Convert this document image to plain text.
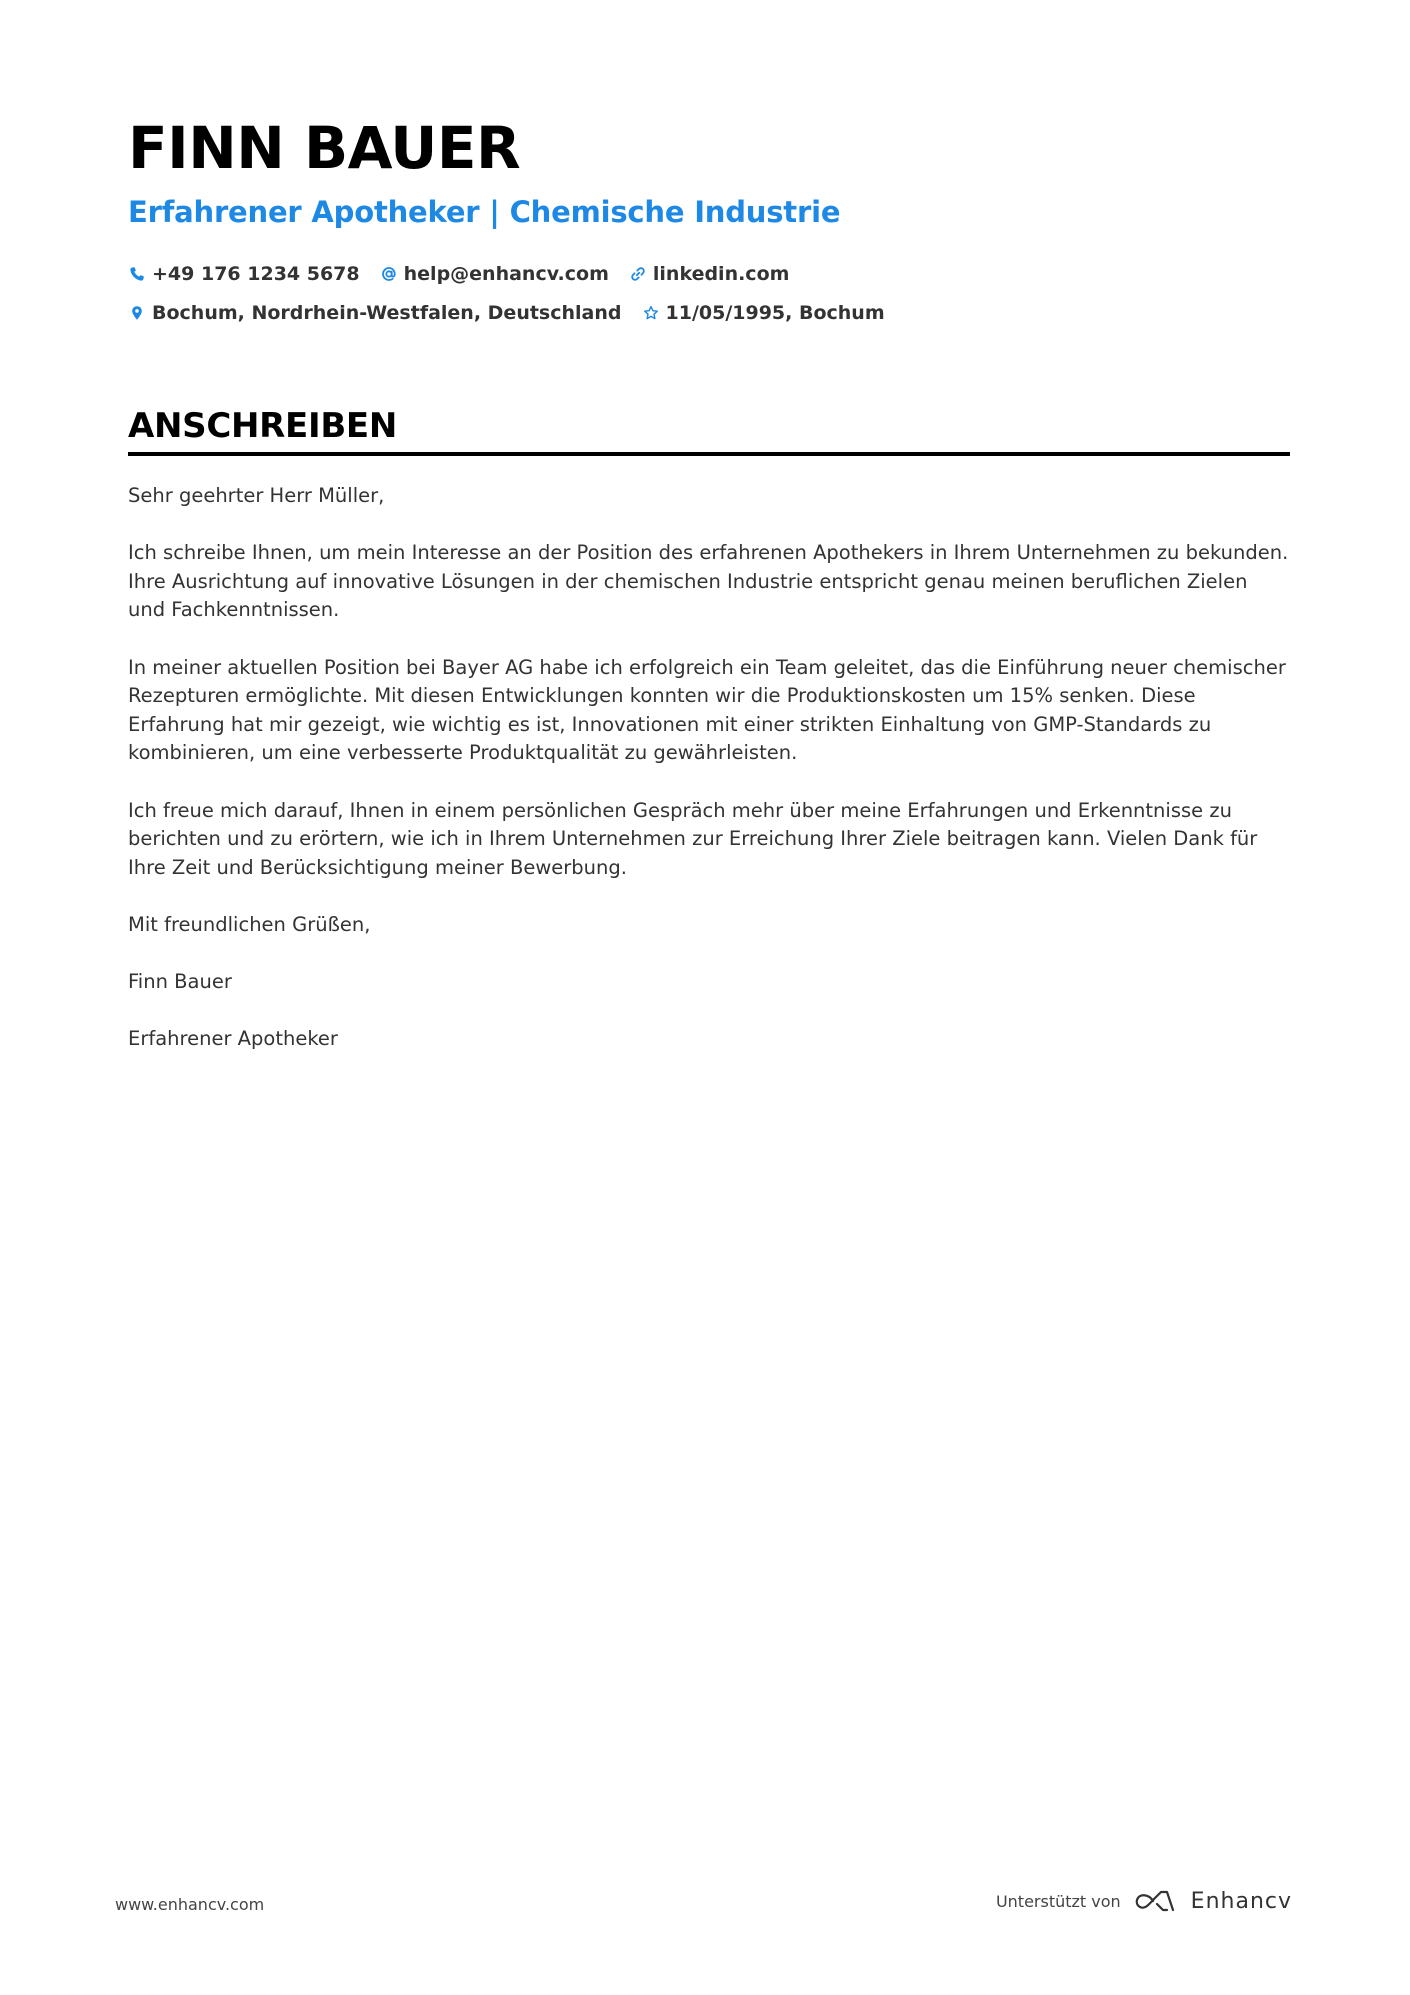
FINN BAUER
Erfahrener Apotheker | Chemische Industrie
+49 176 1234 5678 help@enhancv.com linkedin.com
Bochum, Nordrhein-Westfalen, Deutschland 11/05/1995, Bochum
ANSCHREIBEN

Sehr geehrter Herr Müller,

Ich schreibe Ihnen, um mein Interesse an der Position des erfahrenen Apothekers in Ihrem Unternehmen zu bekunden. Ihre Ausrichtung auf innovative Lösungen in der chemischen Industrie entspricht genau meinen beruflichen Zielen und Fachkenntnissen.

In meiner aktuellen Position bei Bayer AG habe ich erfolgreich ein Team geleitet, das die Einführung neuer chemischer Rezepturen ermöglichte. Mit diesen Entwicklungen konnten wir die Produktionskosten um 15% senken. Diese Erfahrung hat mir gezeigt, wie wichtig es ist, Innovationen mit einer strikten Einhaltung von GMP-Standards zu kombinieren, um eine verbesserte Produktqualität zu gewährleisten.

Ich freue mich darauf, Ihnen in einem persönlichen Gespräch mehr über meine Erfahrungen und Erkenntnisse zu berichten und zu erörtern, wie ich in Ihrem Unternehmen zur Erreichung Ihrer Ziele beitragen kann. Vielen Dank für Ihre Zeit und Berücksichtigung meiner Bewerbung.

Mit freundlichen Grüßen,

Finn Bauer

Erfahrener Apotheker

www.enhancv.com	Unterstützt von	Enhancv
